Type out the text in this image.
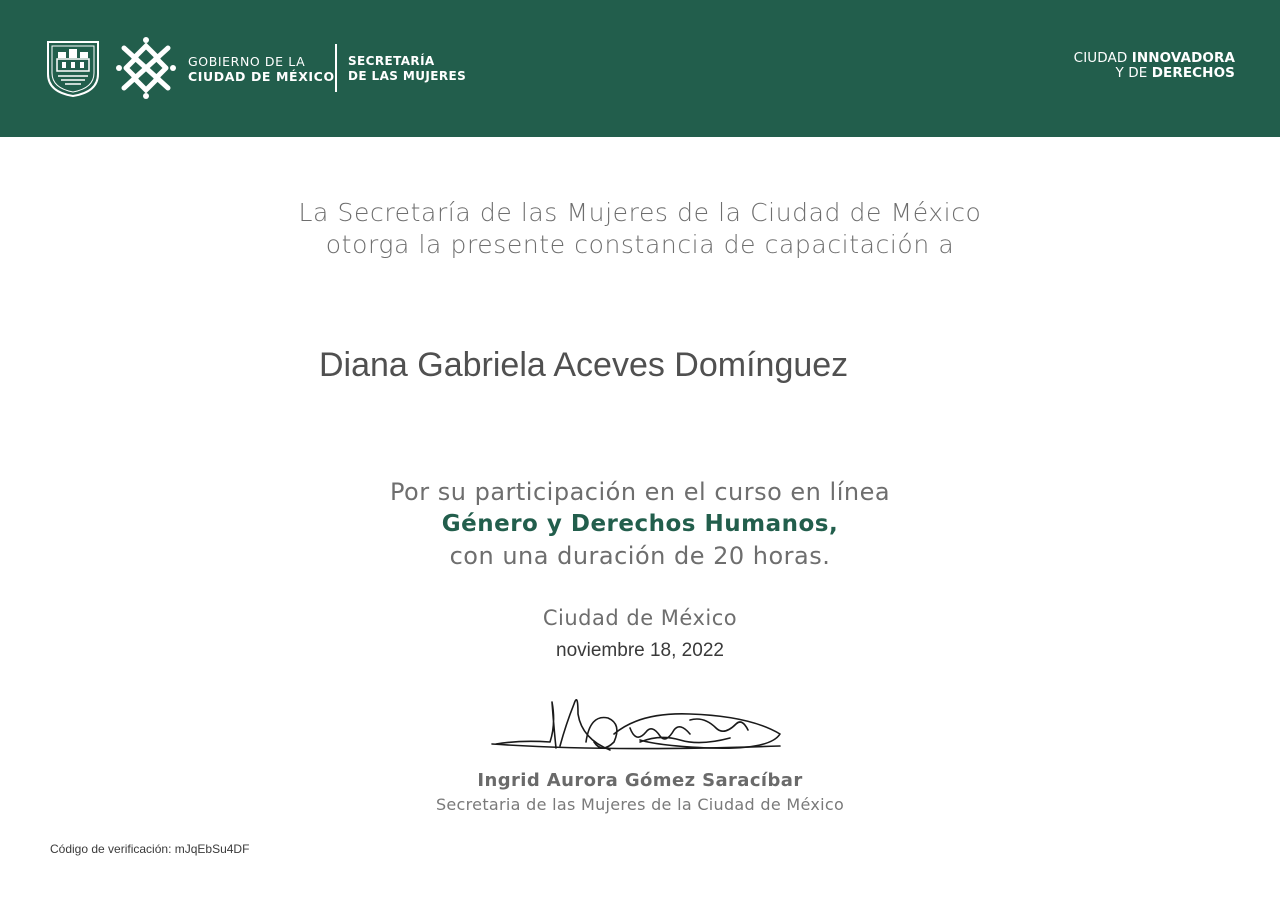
GOBIERNO DE LA
CIUDAD DE MÉXICO
SECRETARÍA
DE LAS MUJERES
CIUDAD INNOVADORA
Y DE DERECHOS
La Secretaría de las Mujeres de la Ciudad de México
otorga la presente constancia de capacitación a
Diana Gabriela Aceves Domínguez
Por su participación en el curso en línea
Género y Derechos Humanos,
con una duración de 20 horas.
Ciudad de México
noviembre 18, 2022
Ingrid Aurora Gómez Saracíbar
Secretaria de las Mujeres de la Ciudad de México
Código de verificación: mJqEbSu4DF
